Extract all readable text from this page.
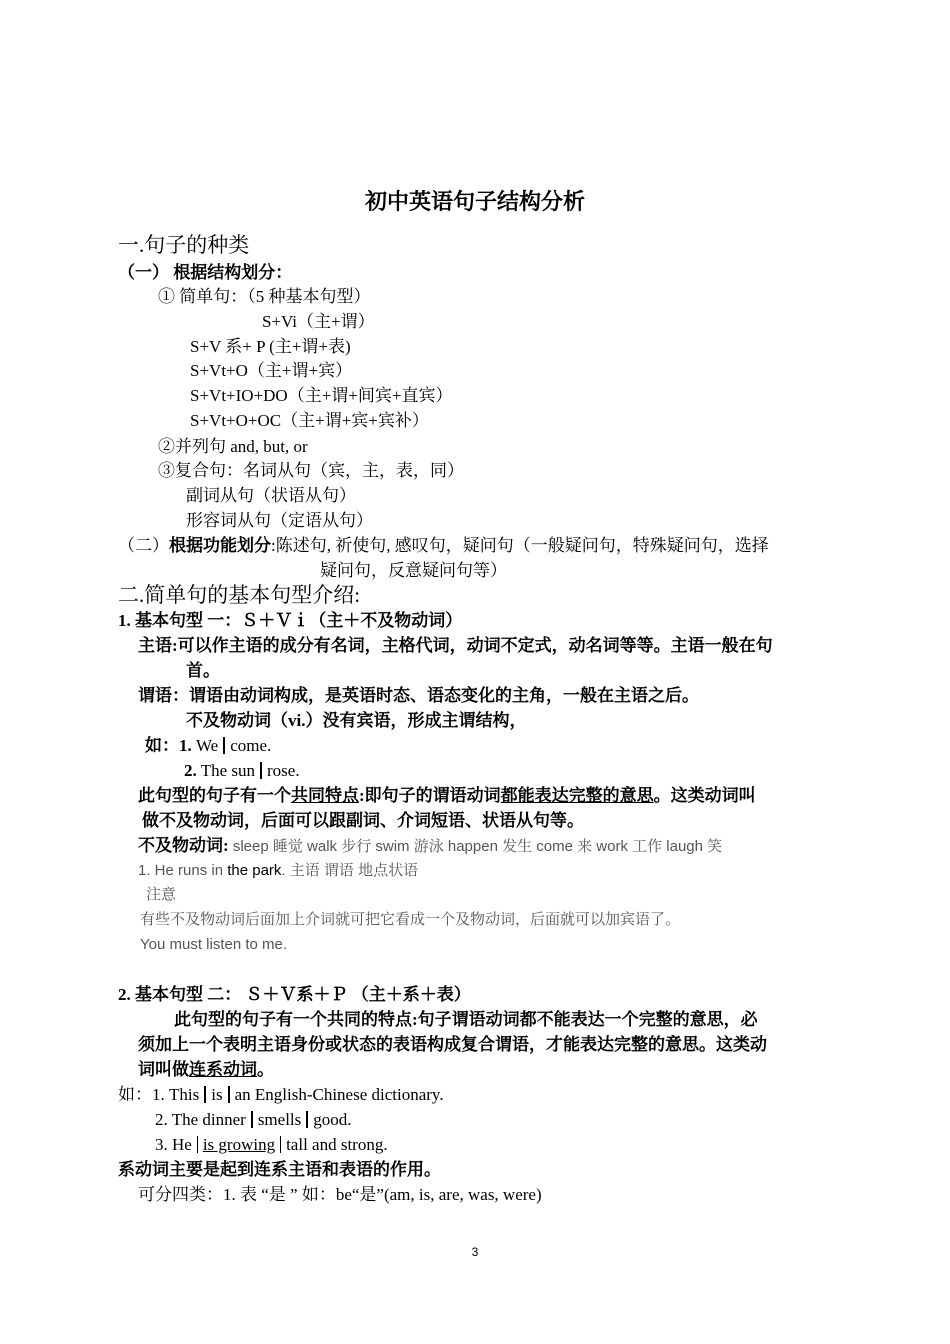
初中英语句子结构分析
一.句子的种类
（一） 根据结构划分：
① 简单句：（5 种基本句型）
S+Vi（主+谓）
S+V 系+ P (主+谓+表)
S+Vt+O（主+谓+宾）
S+Vt+IO+DO（主+谓+间宾+直宾）
S+Vt+O+OC（主+谓+宾+宾补）
②并列句 and, but, or
③复合句：名词从句（宾，主，表，同）
副词从句（状语从句）
形容词从句（定语从句）
（二）根据功能划分:陈述句, 祈使句, 感叹句，疑问句（一般疑问句，特殊疑问句，选择
疑问句，反意疑问句等）
二.简单句的基本句型介绍:
1. 基本句型 一：Ｓ＋Ｖｉ（主＋不及物动词）
主语:可以作主语的成分有名词，主格代词，动词不定式，动名词等等。主语一般在句
首。
谓语：谓语由动词构成，是英语时态、语态变化的主角，一般在主语之后。
不及物动词（vi.）没有宾语，形成主谓结构，
如：1. We come.
2. The sun rose.
此句型的句子有一个共同特点:即句子的谓语动词都能表达完整的意思。这类动词叫
做不及物动词，后面可以跟副词、介词短语、状语从句等。
不及物动词: sleep 睡觉 walk 步行 swim 游泳 happen 发生 come 来 work 工作 laugh 笑
1. He runs in the park. 主语 谓语 地点状语
注意
有些不及物动词后面加上介词就可把它看成一个及物动词，后面就可以加宾语了。
You must listen to me.
2. 基本句型 二： Ｓ＋Ｖ系＋Ｐ （主＋系＋表）
此句型的句子有一个共同的特点:句子谓语动词都不能表达一个完整的意思，必
须加上一个表明主语身份或状态的表语构成复合谓语，才能表达完整的意思。这类动
词叫做连系动词。
如：1. This is an English-Chinese dictionary.
2. The dinner smells good.
3. He is growing tall and strong.
系动词主要是起到连系主语和表语的作用。
可分四类：1. 表 “是 ” 如：be“是”(am, is, are, was, were)
3
